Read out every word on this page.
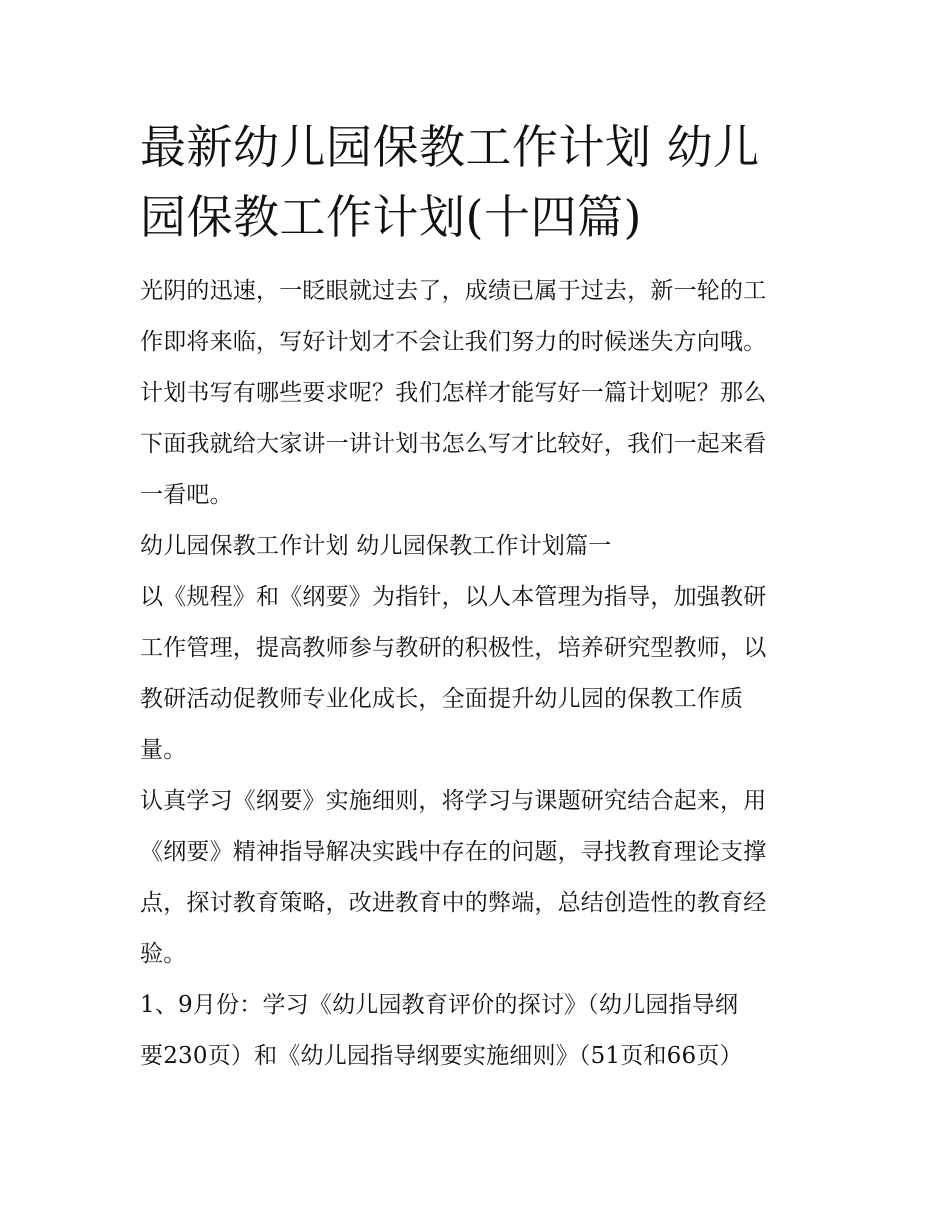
最新幼儿园保教工作计划 幼儿
园保教工作计划(十四篇)

光阴的迅速，一眨眼就过去了，成绩已属于过去，新一轮的工
作即将来临，写好计划才不会让我们努力的时候迷失方向哦。
计划书写有哪些要求呢？我们怎样才能写好一篇计划呢？那么
下面我就给大家讲一讲计划书怎么写才比较好，我们一起来看
一看吧。

幼儿园保教工作计划 幼儿园保教工作计划篇一

以《规程》和《纲要》为指针，以人本管理为指导，加强教研
工作管理，提高教师参与教研的积极性，培养研究型教师，以
教研活动促教师专业化成长，全面提升幼儿园的保教工作质
量。

认真学习《纲要》实施细则，将学习与课题研究结合起来，用
《纲要》精神指导解决实践中存在的问题，寻找教育理论支撑
点，探讨教育策略，改进教育中的弊端，总结创造性的教育经
验。

1、9月份：学习《幼儿园教育评价的探讨》（幼儿园指导纲
要230页）和《幼儿园指导纲要实施细则》（51页和66页）
